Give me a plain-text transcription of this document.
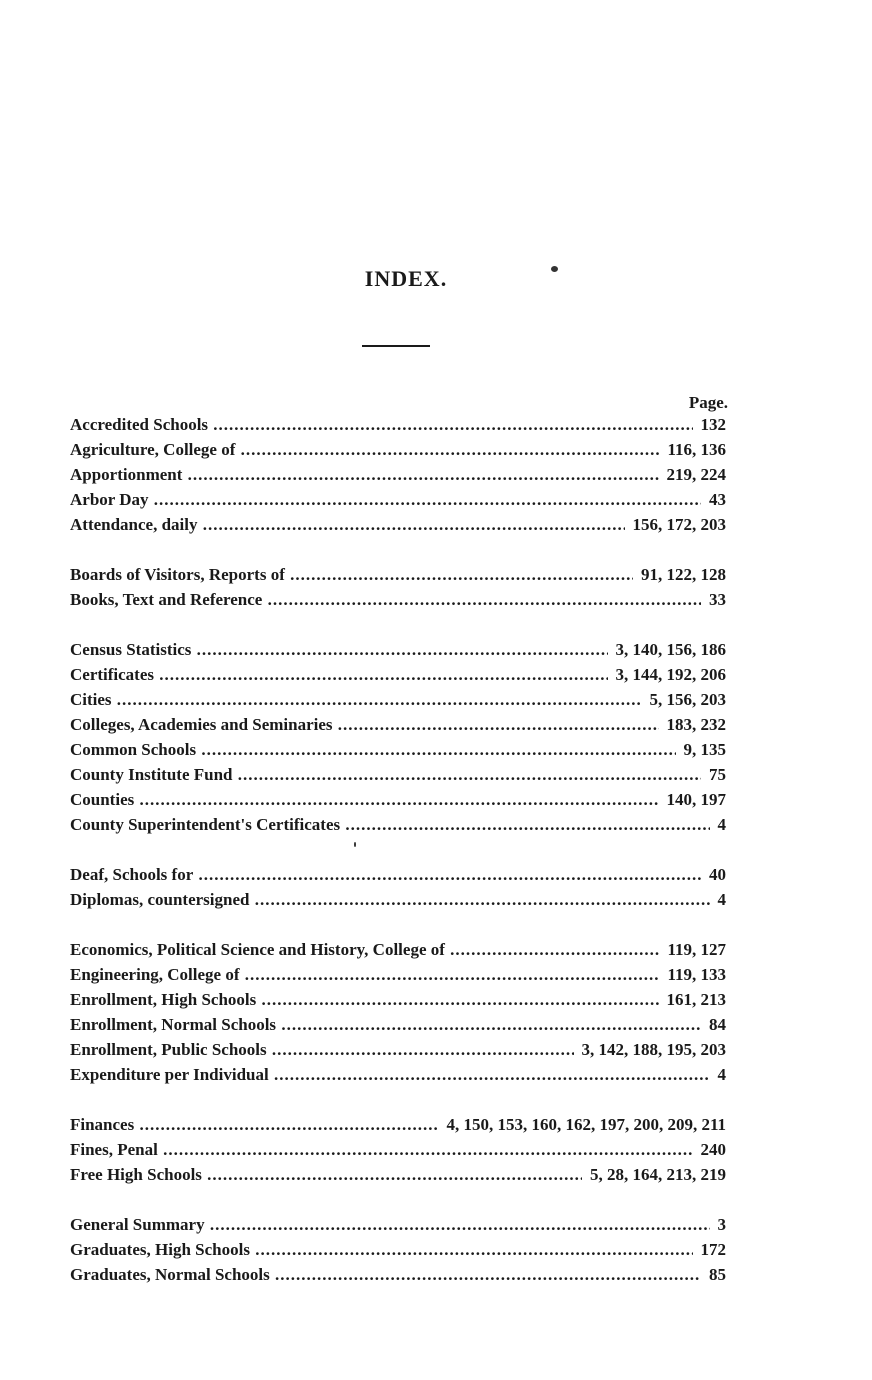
INDEX.
Page.
Accredited Schools .....	132
Agriculture, College of .....	116, 136
Apportionment .....	219, 224
Arbor Day .....	43
Attendance, daily .....	156, 172, 203
Boards of Visitors, Reports of .....	91, 122, 128
Books, Text and Reference .....	33
Census Statistics .....	3, 140, 156, 186
Certificates .....	3, 144, 192, 206
Cities .....	5, 156, 203
Colleges, Academies and Seminaries .....	183, 232
Common Schools .....	9, 135
County Institute Fund .....	75
Counties .....	140, 197
County Superintendent's Certificates .....	4
Deaf, Schools for .....	40
Diplomas, countersigned .....	4
Economics, Political Science and History, College of .....	119, 127
Engineering, College of .....	119, 133
Enrollment, High Schools .....	161, 213
Enrollment, Normal Schools .....	84
Enrollment, Public Schools .....	3, 142, 188, 195, 203
Expenditure per Individual .....	4
Finances .....	4, 150, 153, 160, 162, 197, 200, 209, 211
Fines, Penal .....	240
Free High Schools .....	5, 28, 164, 213, 219
General Summary .....	3
Graduates, High Schools .....	172
Graduates, Normal Schools .....	85
